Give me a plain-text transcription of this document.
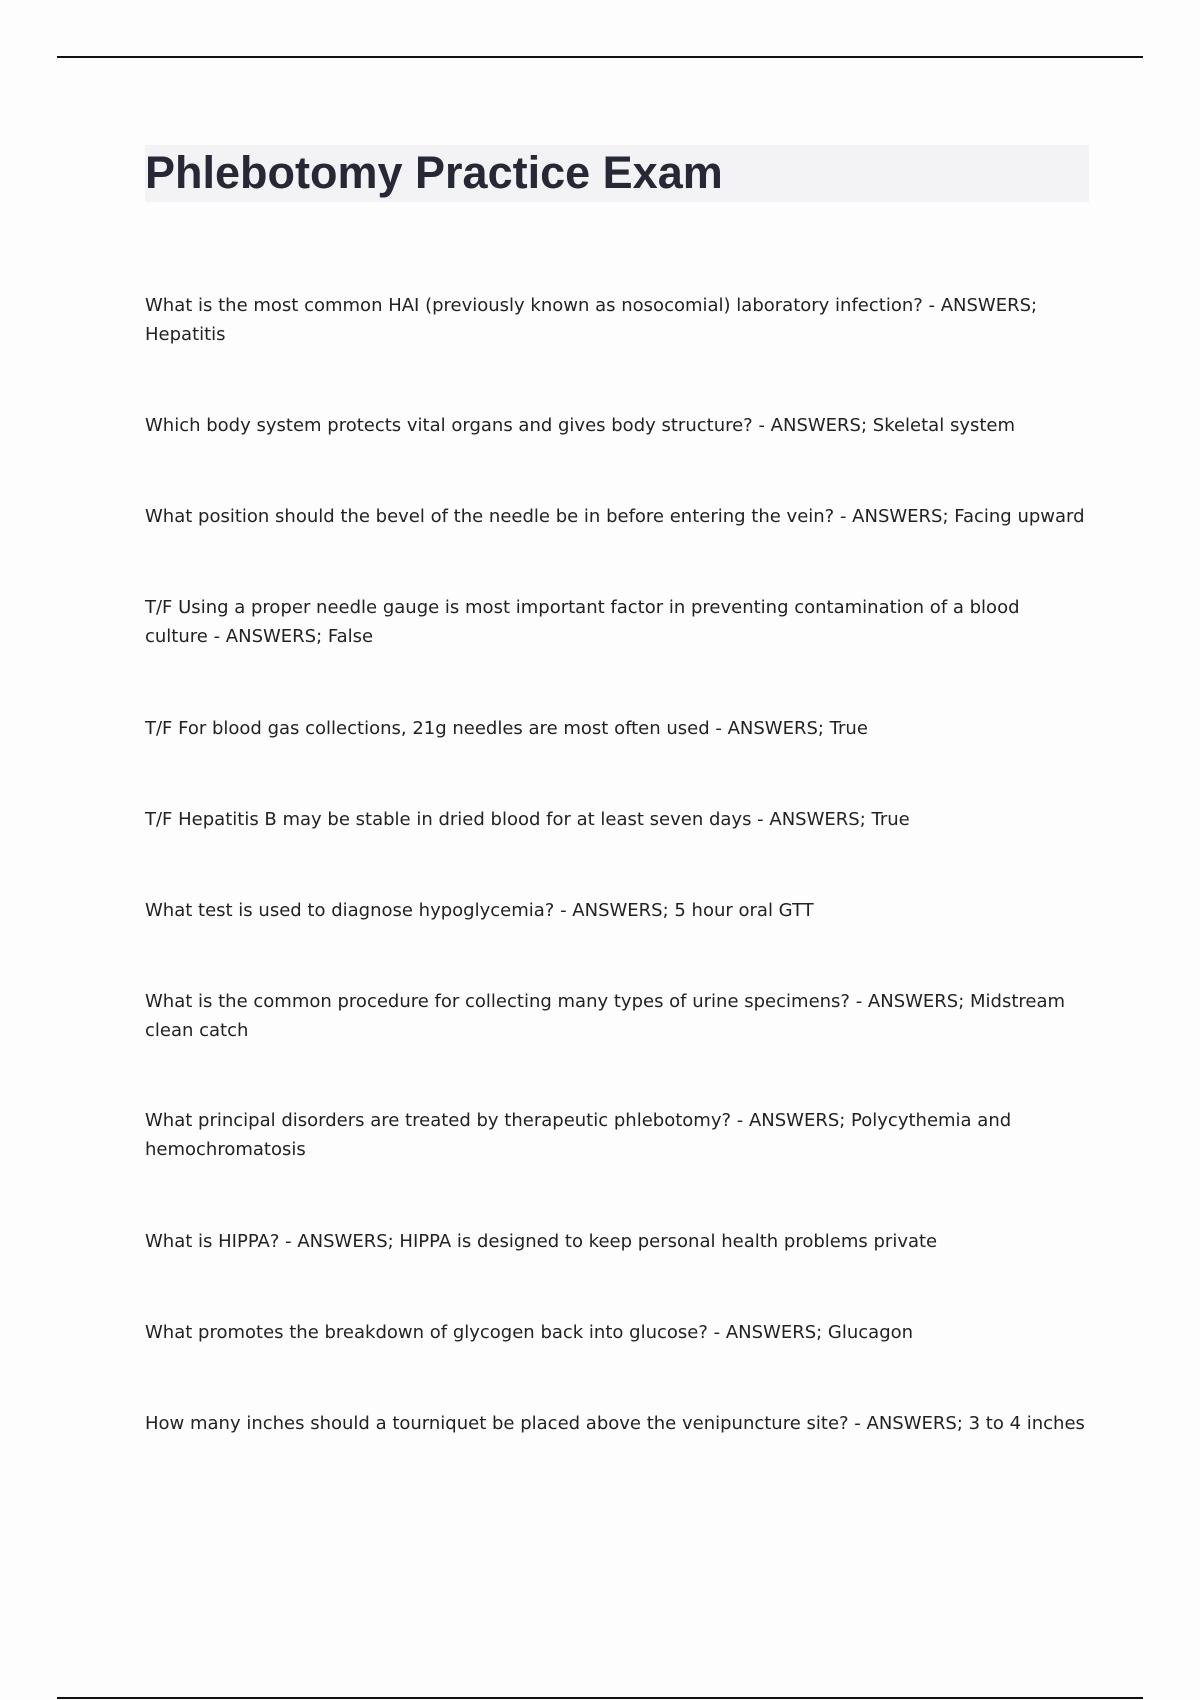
Phlebotomy Practice Exam
What is the most common HAI (previously known as nosocomial) laboratory infection? - ANSWERS; Hepatitis
Which body system protects vital organs and gives body structure? - ANSWERS; Skeletal system
What position should the bevel of the needle be in before entering the vein? - ANSWERS; Facing upward
T/F Using a proper needle gauge is most important factor in preventing contamination of a blood culture - ANSWERS; False
T/F For blood gas collections, 21g needles are most often used - ANSWERS; True
T/F Hepatitis B may be stable in dried blood for at least seven days - ANSWERS; True
What test is used to diagnose hypoglycemia? - ANSWERS; 5 hour oral GTT
What is the common procedure for collecting many types of urine specimens? - ANSWERS; Midstream clean catch
What principal disorders are treated by therapeutic phlebotomy? - ANSWERS; Polycythemia and hemochromatosis
What is HIPPA? - ANSWERS; HIPPA is designed to keep personal health problems private
What promotes the breakdown of glycogen back into glucose? - ANSWERS; Glucagon
How many inches should a tourniquet be placed above the venipuncture site? - ANSWERS; 3 to 4 inches
